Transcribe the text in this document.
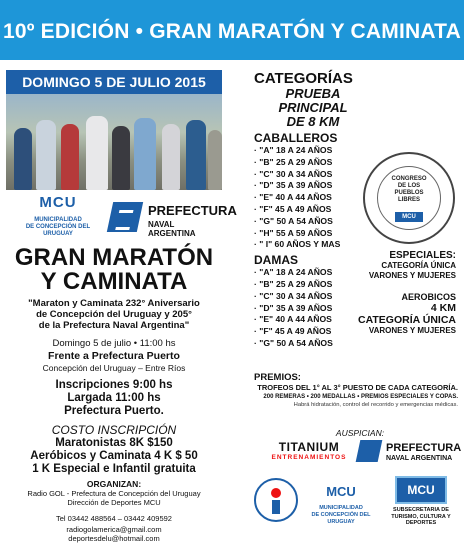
10º EDICIÓN • GRAN MARATÓN Y CAMINATA
DOMINGO 5 DE JULIO 2015
MCU
MUNICIPALIDAD
DE CONCEPCIÓN DEL URUGUAY
PREFECTURA
NAVAL ARGENTINA
GRAN MARATÓN
Y CAMINATA
"Maraton y Caminata 232° Aniversario
de Concepción del Uruguay y 205°
de la Prefectura Naval Argentina"
Domingo 5 de julio • 11:00 hs
Frente a Prefectura Puerto
Concepción del Uruguay – Entre Ríos
Inscripciones 9:00 hs
Largada 11:00 hs
Prefectura Puerto.
COSTO INSCRIPCIÓN
Maratonistas 8K $150
Aeróbicos y Caminata 4 K $ 50
1 K Especial e Infantil gratuita
ORGANIZAN:
Radio GOL - Prefectura de Concepción del Uruguay
Dirección de Deportes MCU
Tel 03442 488564 – 03442 409592
radiogolamerica@gmail.com
deportesdelu@hotmail.com
CATEGORÍAS
PRUEBA PRINCIPAL
DE 8 KM
CABALLEROS
· "A" 18 A 24 AÑOS
· "B" 25 A 29 AÑOS
· "C" 30 A 34 AÑOS
· "D" 35 A 39 AÑOS
· "E" 40 A 44 AÑOS
· "F" 45 A 49 AÑOS
· "G" 50 A 54 AÑOS
· "H" 55 A 59 AÑOS
· " I" 60 AÑOS Y MAS
DAMAS
· "A" 18 A 24 AÑOS
· "B" 25 A 29 AÑOS
· "C" 30 A 34 AÑOS
· "D" 35 A 39 AÑOS
· "E" 40 A 44 AÑOS
· "F" 45 A 49 AÑOS
· "G" 50 A 54 AÑOS
CONGRESO
DE LOS
PUEBLOS
LIBRES
MCU
ESPECIALES:
CATEGORÍA ÚNICA
VARONES Y MUJERES
AEROBICOS
4 KM
CATEGORÍA ÚNICA
VARONES Y MUJERES
PREMIOS:
TROFEOS DEL 1° AL 3° PUESTO DE CADA CATEGORÍA.
200 REMERAS • 200 MEDALLAS • PREMIOS ESPECIALES Y COPAS.
Habrá hidratación, control del recorrido y emergencias médicas.
AUSPICIAN:
TITANIUM
ENTRENAMIENTOS
PREFECTURA
NAVAL ARGENTINA
MCU
MUNICIPALIDAD
DE CONCEPCIÓN DEL URUGUAY
MCU
SUBSECRETARIA DE
TURISMO, CULTURA Y DEPORTES
